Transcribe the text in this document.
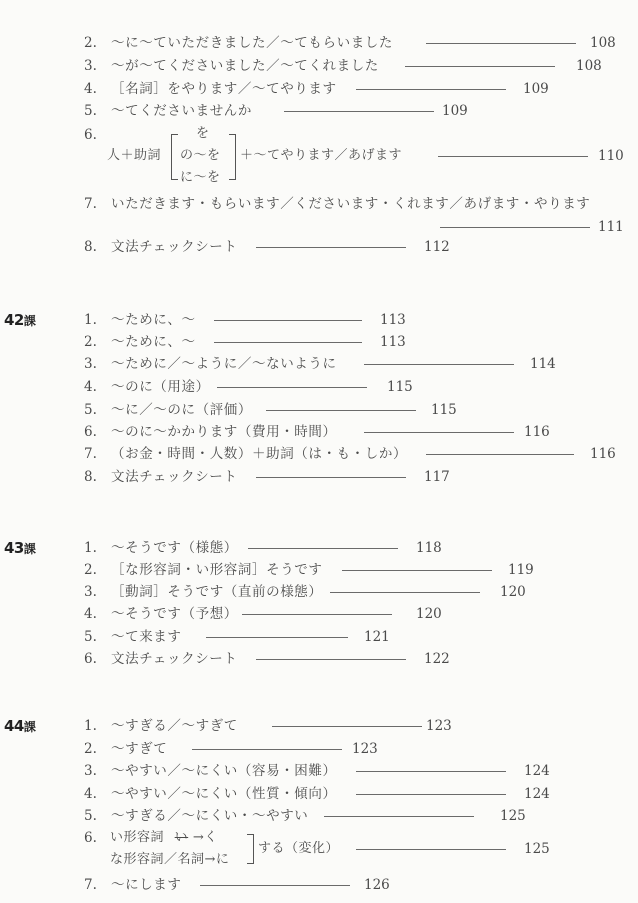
2. 〜に〜ていただきました／〜てもらいました	108
3. 〜が〜てくださいました／〜てくれました	108
4. ［名詞］をやります／〜てやります	109
5. 〜てくださいませんか	109
6.
人＋助詞
を
の〜を
に〜を
＋〜てやります／あげます	110
7. いただきます・もらいます／くださいます・くれます／あげます・やります
111
8. 文法チェックシート	112
42課	1. 〜ために、〜	113
2. 〜ために、〜	113
3. 〜ために／〜ように／〜ないように	114
4. 〜のに（用途）	115
5. 〜に／〜のに（評価）	115
6. 〜のに〜かかります（費用・時間）	116
7. （お金・時間・人数）＋助詞（は・も・しか）	116
8. 文法チェックシート	117
43課	1. 〜そうです（様態）	118
2. ［な形容詞・い形容詞］そうです	119
3. ［動詞］そうです（直前の様態）	120
4. 〜そうです（予想）	120
5. 〜て来ます	121
6. 文法チェックシート	122
44課	1. 〜すぎる／〜すぎて	123
2. 〜すぎて	123
3. 〜やすい／〜にくい（容易・困難）	124
4. 〜やすい／〜にくい（性質・傾向）	124
5. 〜すぎる／〜にくい・〜やすい	125
6. い形容詞 い →く
な形容詞／名詞→に
する（変化）	125
7. 〜にします	126
